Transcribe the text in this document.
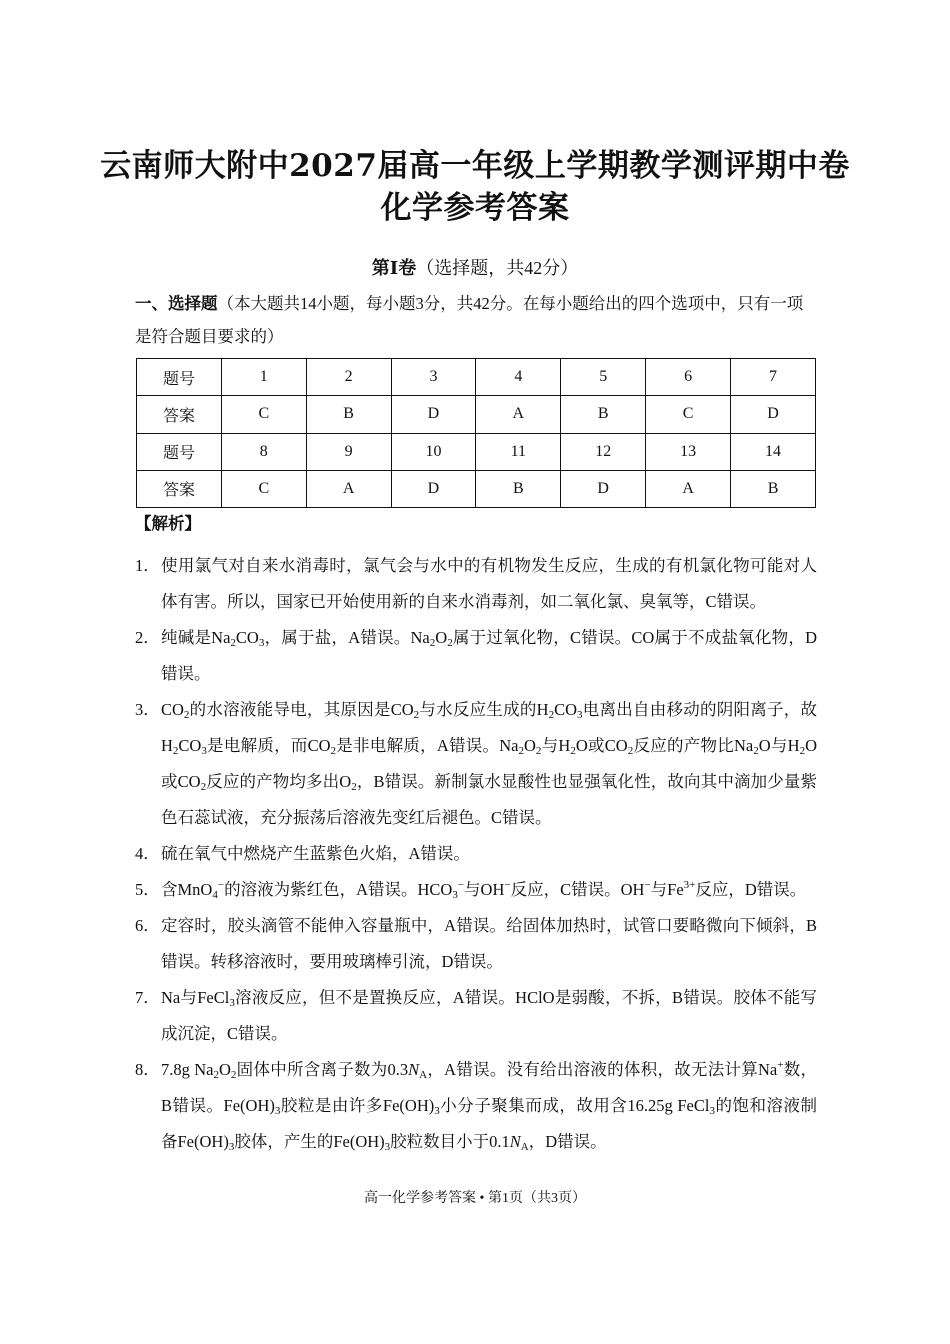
云南师大附中2027届高一年级上学期教学测评期中卷
化学参考答案
第Ⅰ卷（选择题，共42分）
一、选择题（本大题共14小题，每小题3分，共42分。在每小题给出的四个选项中，只有一项是符合题目要求的）
题号	1	2	3	4	5	6	7
答案	C	B	D	A	B	C	D
题号	8	9	10	11	12	13	14
答案	C	A	D	B	D	A	B
【解析】
1． 使用氯气对自来水消毒时，氯气会与水中的有机物发生反应，生成的有机氯化物可能对人体有害。所以，国家已开始使用新的自来水消毒剂，如二氧化氯、臭氧等，C错误。
2． 纯碱是$Na_2CO_3$，属于盐，A错误。$Na_2O_2$属于过氧化物，C错误。CO属于不成盐氧化物，D错误。
3． $CO_2$的水溶液能导电，其原因是$CO_2$与水反应生成的$H_2CO_3$电离出自由移动的阴阳离子，故$H_2CO_3$是电解质，而$CO_2$是非电解质，A错误。$Na_2O_2$与$H_2O$或$CO_2$反应的产物比$Na_2O$与$H_2O$或$CO_2$反应的产物均多出$O_2$，B错误。新制氯水显酸性也显强氧化性，故向其中滴加少量紫色石蕊试液，充分振荡后溶液先变红后褪色。C错误。
4． 硫在氧气中燃烧产生蓝紫色火焰，A错误。
5． 含MnO$_4$−的溶液为紫红色，A错误。$HCO_3^-$与OH−反应，C错误。OH−与$Fe^{3+}$反应，D错误。
6． 定容时，胶头滴管不能伸入容量瓶中，A错误。给固体加热时，试管口要略微向下倾斜，B错误。转移溶液时，要用玻璃棒引流，D错误。
7． Na与FeCl$_3$溶液反应，但不是置换反应，A错误。HClO是弱酸，不拆，B错误。胶体不能写成沉淀，C错误。
8． 7.8g $Na_2O_2$固体中所含离子数为$0.3N_A$，A错误。没有给出溶液的体积，故无法计算Na+数，B错误。$Fe(OH)_3$胶粒是由许多$Fe(OH)_3$小分子聚集而成，故用含16.25g FeCl$_3$的饱和溶液制备$Fe(OH)_3$胶体，产生的$Fe(OH)_3$胶粒数目小于$0.1N_A$，D错误。
高一化学参考答案 • 第1页（共3页）
